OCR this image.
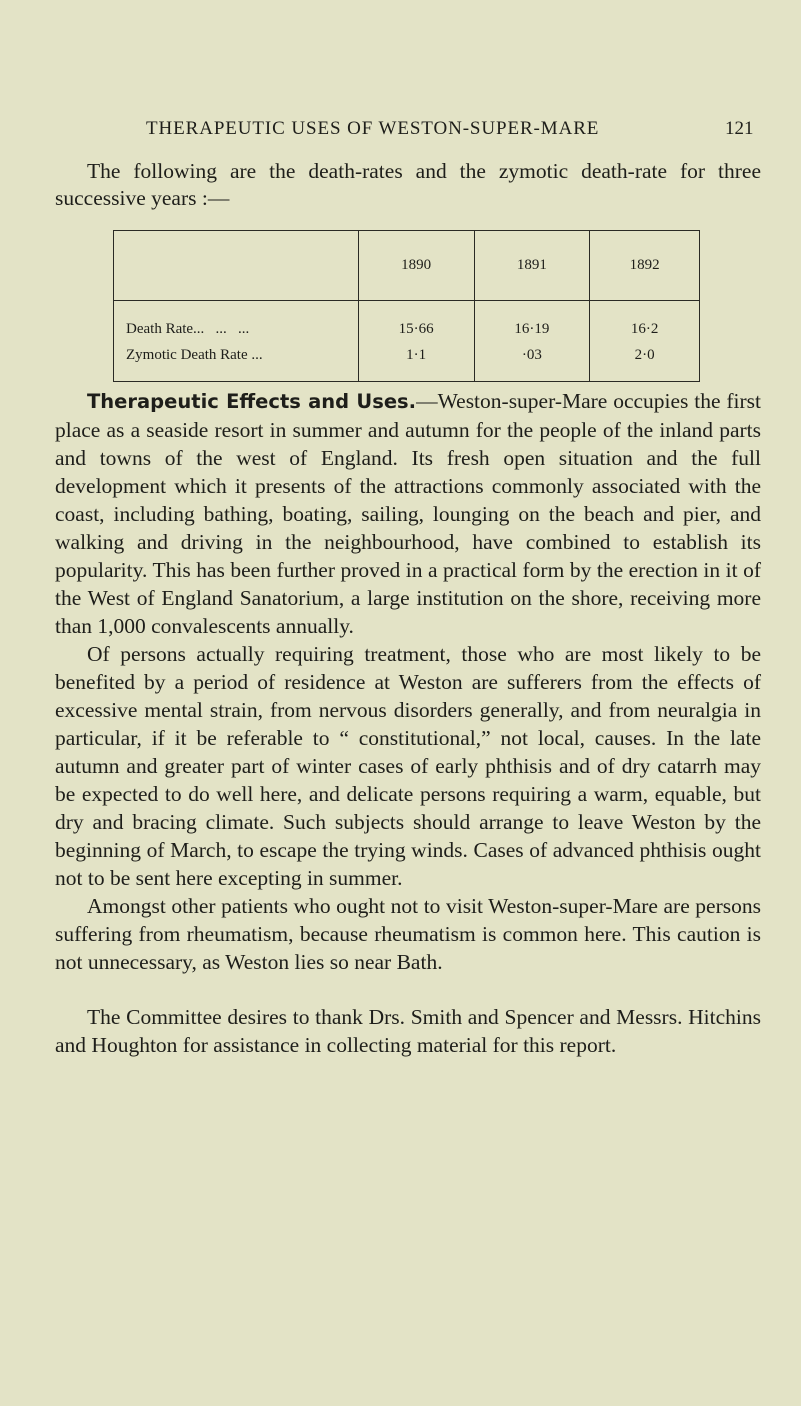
THERAPEUTIC USES OF WESTON-SUPER-MARE	121

The following are the death-rates and the zymotic death-rate for three successive years :—

	1890	1891	1892
Death Rate...   ...   ...	15·66	16·19	16·2
Zymotic Death Rate ...	1·1	·03	2·0

Therapeutic Effects and Uses.—Weston-super-Mare occupies the first place as a seaside resort in summer and autumn for the people of the inland parts and towns of the west of England. Its fresh open situation and the full development which it presents of the attractions commonly associated with the coast, including bathing, boating, sailing, lounging on the beach and pier, and walking and driving in the neighbourhood, have combined to establish its popularity. This has been further proved in a practical form by the erection in it of the West of England Sanatorium, a large institution on the shore, receiving more than 1,000 convalescents annually.

Of persons actually requiring treatment, those who are most likely to be benefited by a period of residence at Weston are sufferers from the effects of excessive mental strain, from nervous disorders generally, and from neuralgia in particular, if it be referable to “ constitutional,” not local, causes. In the late autumn and greater part of winter cases of early phthisis and of dry catarrh may be expected to do well here, and delicate persons requiring a warm, equable, but dry and bracing climate. Such subjects should arrange to leave Weston by the beginning of March, to escape the trying winds. Cases of advanced phthisis ought not to be sent here excepting in summer.

Amongst other patients who ought not to visit Weston-super-Mare are persons suffering from rheumatism, because rheumatism is common here. This caution is not unnecessary, as Weston lies so near Bath.

The Committee desires to thank Drs. Smith and Spencer and Messrs. Hitchins and Houghton for assistance in collecting material for this report.
